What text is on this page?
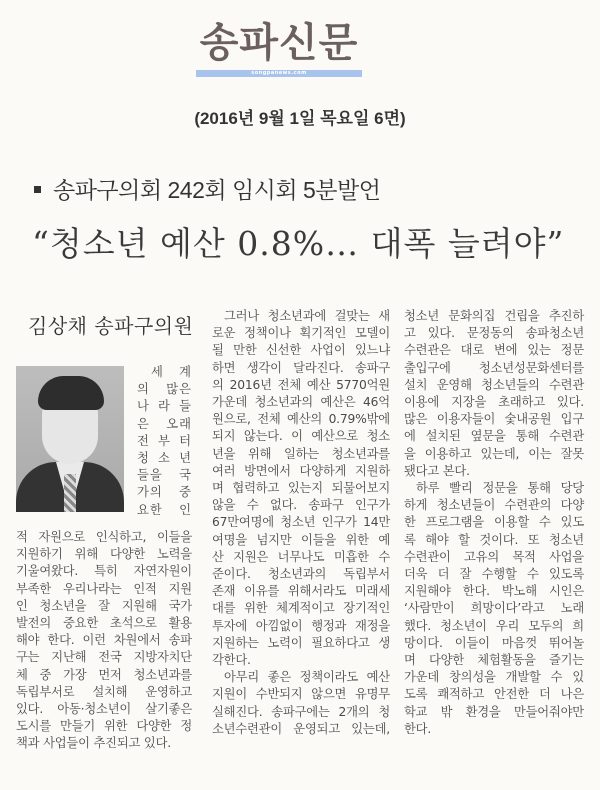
송파신문
songpanews.com
(2016년 9월 1일 목요일 6면)
송파구의회 242회 임시회 5분발언
“청소년 예산 0.8%… 대폭 늘려야”
김상채 송파구의원
세 계
의 많은
나 라 들
은 오래
전 부 터
청 소 년
들을 국
가의 중
요한 인
적 자원으로 인식하고, 이들을
지원하기 위해 다양한 노력을
기울여왔다. 특히 자연자원이
부족한 우리나라는 인적 지원
인 청소년을 잘 지원해 국가
발전의 중요한 초석으로 활용
해야 한다. 이런 차원에서 송파
구는 지난해 전국 지방자치단
체 중 가장 먼저 청소년과를
독립부서로 설치해 운영하고
있다. 아동·청소년이 살기좋은
도시를 만들기 위한 다양한 정
책과 사업들이 추진되고 있다.
그러나 청소년과에 걸맞는 새
로운 정책이나 획기적인 모델이
될 만한 신선한 사업이 있느냐
하면 생각이 달라진다. 송파구
의 2016년 전체 예산 5770억원
가운데 청소년과의 예산은 46억
원으로, 전체 예산의 0.79%밖에
되지 않는다. 이 예산으로 청소
년을 위해 일하는 청소년과를
여러 방면에서 다양하게 지원하
며 협력하고 있는지 되물어보지
않을 수 없다. 송파구 인구가
67만여명에 청소년 인구가 14만
여명을 넘지만 이들을 위한 예
산 지원은 너무나도 미흡한 수
준이다. 청소년과의 독립부서
존재 이유를 위해서라도 미래세
대를 위한 체계적이고 장기적인
투자에 아낌없이 행정과 재정을
지원하는 노력이 필요하다고 생
각한다.
아무리 좋은 정책이라도 예산
지원이 수반되지 않으면 유명무
실해진다. 송파구에는 2개의 청
소년수련관이 운영되고 있는데,
청소년 문화의집 건립을 추진하
고 있다. 문정동의 송파청소년
수련관은 대로 변에 있는 정문
출입구에 청소년성문화센터를
설치 운영해 청소년들의 수련관
이용에 지장을 초래하고 있다.
많은 이용자들이 숯내공원 입구
에 설치된 옆문을 통해 수련관
을 이용하고 있는데, 이는 잘못
됐다고 본다.
하루 빨리 정문을 통해 당당
하게 청소년들이 수련관의 다양
한 프로그램을 이용할 수 있도
록 해야 할 것이다. 또 청소년
수련관이 고유의 목적 사업을
더욱 더 잘 수행할 수 있도록
지원해야 한다. 박노해 시인은
‘사람만이 희망이다’라고 노래
했다. 청소년이 우리 모두의 희
망이다. 이들이 마음껏 뛰어놀
며 다양한 체험활동을 즐기는
가운데 창의성을 개발할 수 있
도록 쾌적하고 안전한 더 나은
학교 밖 환경을 만들어줘야만
한다.
